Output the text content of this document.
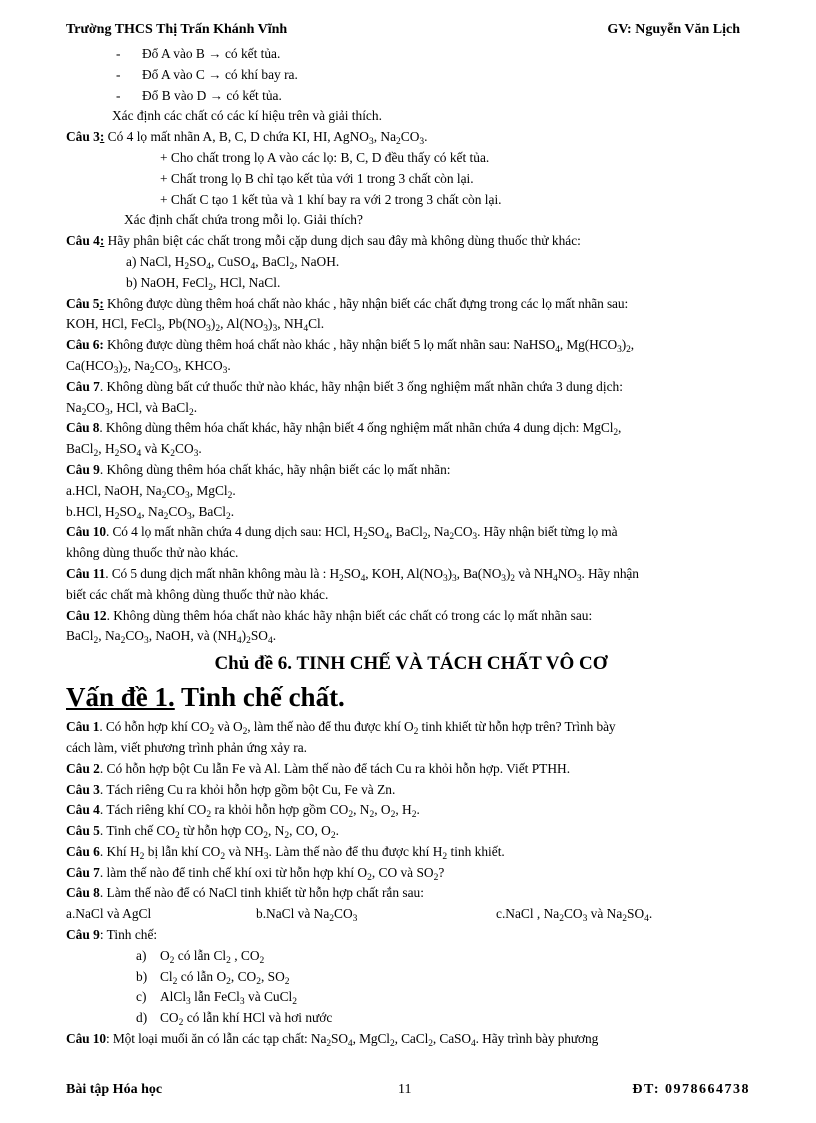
Trường THCS Thị Trấn Khánh Vĩnh	GV: Nguyễn Văn Lịch
- Đổ A vào B → có kết tủa.
- Đổ A vào C → có khí bay ra.
- Đổ B vào D → có kết tủa.
Xác định các chất có các kí hiệu trên và giải thích.
Câu 3: Có 4 lọ mất nhãn A, B, C, D chứa KI, HI, AgNO$_3$, $Na_2CO_3$.
+ Cho chất trong lọ A vào các lọ: B, C, D đều thấy có kết tủa.
+ Chất trong lọ B chỉ tạo kết tủa với 1 trong 3 chất còn lại.
+ Chất C tạo 1 kết tủa và 1 khí bay ra với 2 trong 3 chất còn lại.
Xác định chất chứa trong mỗi lọ. Giải thích?
Câu 4: Hãy phân biệt các chất trong mỗi cặp dung dịch sau đây mà không dùng thuốc thử khác:
a) NaCl, $H_2SO_4$, CuSO$_4$, BaCl$_2$, NaOH.
b) NaOH, FeCl$_2$, HCl, NaCl.
Câu 5: Không được dùng thêm hoá chất nào khác , hãy nhận biết các chất đựng trong các lọ mất nhãn sau:
KOH, HCl, FeCl$_3$, $Pb(NO_3)_2$, $Al(NO_3)_3$, $NH_4Cl$.
Câu 6: Không được dùng thêm hoá chất nào khác , hãy nhận biết 5 lọ mất nhãn sau: NaHSO$_4$, $Mg(HCO_3)_2$,
$Ca(HCO_3)_2$, $Na_2CO_3$, $KHCO_3$.
Câu 7. Không dùng bất cứ thuốc thử nào khác, hãy nhận biết 3 ống nghiệm mất nhãn chứa 3 dung dịch:
$Na_2CO_3$, HCl, và BaCl$_2$.
Câu 8. Không dùng thêm hóa chất khác, hãy nhận biết 4 ống nghiệm mất nhãn chứa 4 dung dịch: MgCl$_2$,
BaCl$_2$, $H_2SO_4$ và $K_2CO_3$.
Câu 9. Không dùng thêm hóa chất khác, hãy nhận biết các lọ mất nhãn:
a.HCl, NaOH, $Na_2CO_3$, MgCl$_2$.
b.HCl, $H_2SO_4$, $Na_2CO_3$, BaCl$_2$.
Câu 10. Có 4 lọ mất nhãn chứa 4 dung dịch sau: HCl, $H_2SO_4$, BaCl$_2$, $Na_2CO_3$. Hãy nhận biết từng lọ mà
không dùng thuốc thử nào khác.
Câu 11. Có 5 dung dịch mất nhãn không màu là : $H_2SO_4$, KOH, $Al(NO_3)_3$, $Ba(NO_3)_2$ và $NH_4NO_3$. Hãy nhận
biết các chất mà không dùng thuốc thử nào khác.
Câu 12. Không dùng thêm hóa chất nào khác hãy nhận biết các chất có trong các lọ mất nhãn sau:
BaCl$_2$, $Na_2CO_3$, NaOH, và $(NH_4)_2SO_4$.
Chủ đề 6. TINH CHẾ VÀ TÁCH CHẤT VÔ CƠ
Vấn đề 1. Tinh chế chất.
Câu 1. Có hỗn hợp khí $CO_2$ và $O_2$, làm thế nào để thu được khí $O_2$ tinh khiết từ hỗn hợp trên? Trình bày
cách làm, viết phương trình phản ứng xảy ra.
Câu 2. Có hỗn hợp bột Cu lẫn Fe và Al. Làm thế nào để tách Cu ra khỏi hỗn hợp. Viết PTHH.
Câu 3. Tách riêng Cu ra khỏi hỗn hợp gồm bột Cu, Fe và Zn.
Câu 4. Tách riêng khí $CO_2$ ra khỏi hỗn hợp gồm $CO_2$, $N_2$, $O_2$, $H_2$.
Câu 5. Tinh chế $CO_2$ từ hỗn hợp $CO_2$, $N_2$, CO, $O_2$.
Câu 6. Khí $H_2$ bị lẫn khí $CO_2$ và $NH_3$. Làm thế nào để thu được khí $H_2$ tinh khiết.
Câu 7. làm thế nào để tinh chế khí oxi từ hỗn hợp khí $O_2$, CO và $SO_2$?
Câu 8. Làm thế nào để có NaCl tinh khiết từ hỗn hợp chất rắn sau:
a.NaCl và AgCl	b.NaCl và $Na_2CO_3$	c.NaCl , $Na_2CO_3$ và $Na_2SO_4$.
Câu 9: Tinh chế:
a) $O_2$ có lẫn $Cl_2$ , $CO_2$
b) $Cl_2$ có lẫn $O_2$, $CO_2$, $SO_2$
c) AlCl$_3$ lẫn FeCl$_3$ và CuCl$_2$
d) $CO_2$ có lẫn khí HCl và hơi nước
Câu 10: Một loại muối ăn có lẫn các tạp chất: $Na_2SO_4$, MgCl$_2$, CaCl$_2$, CaSO$_4$. Hãy trình bày phương
Bài tập Hóa học	11	ĐT: 0978664738
